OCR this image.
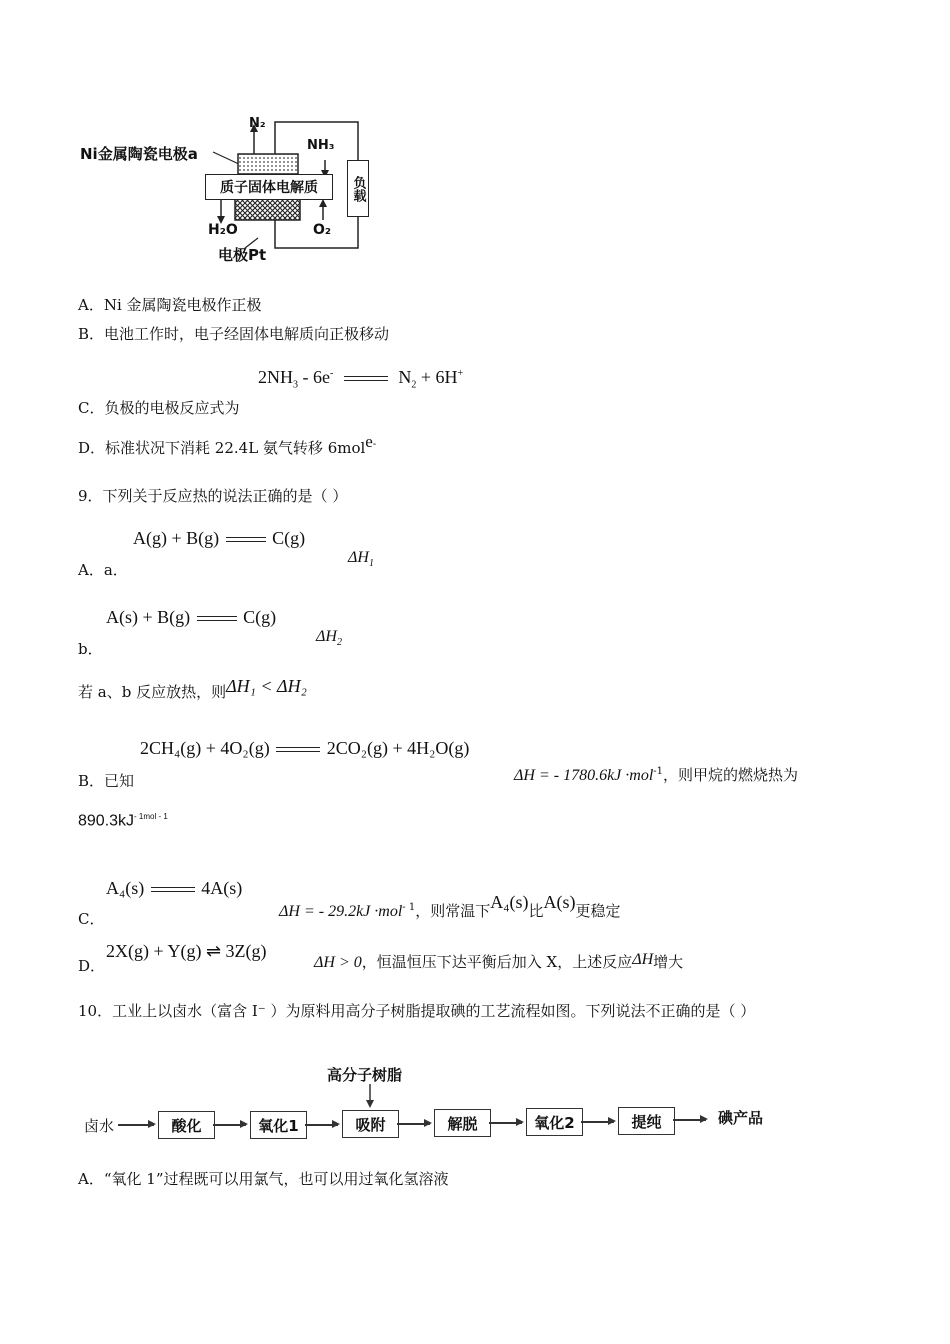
N₂
NH₃
Ni金属陶瓷电极a
质子固体电解质	负载
H₂O	O₂
电极Pt
A．Ni 金属陶瓷电极作正极
B．电池工作时，电子经固体电解质向正极移动
$2NH_3 - 6e^-$	$N_2 + 6H^+$
C．负极的电极反应式为
D．标准状况下消耗 22.4L 氨气转移 6mole-
9．下列关于反应热的说法正确的是（ ）
A(g) + B(g)	C(g)
A．a．
$\Delta H_1$
A(s) + B(g)	C(g)
b．
$\Delta H_2$
若 a、b 反应放热，则ΔH₁ < ΔH₂
2CH₄(g) + 4O₂(g)	2CO₂(g) + 4H₂O(g)
B．已知	ΔH = - 1780.6kJ ·mol$^{-1}$，则甲烷的燃烧热为
$890.3kJ^{- 1mol - 1}$
A₄(s)	4A(s)
C．	ΔH = - 29.2kJ ·mol$^{- 1}$，则常温下A₄(s)比A(s)更稳定
D．
2X(g) + Y(g) ⇌ 3Z(g)
ΔH > 0，恒温恒压下达平衡后加入 X，上述反应ΔH增大
10．工业上以卤水（富含 I⁻ ）为原料用高分子树脂提取碘的工艺流程如图。下列说法不正确的是（ ）
高分子树脂
卤水	酸化	氧化1	吸附	解脱	氧化2	提纯	碘产品
A．“氧化 1”过程既可以用氯气，也可以用过氧化氢溶液
